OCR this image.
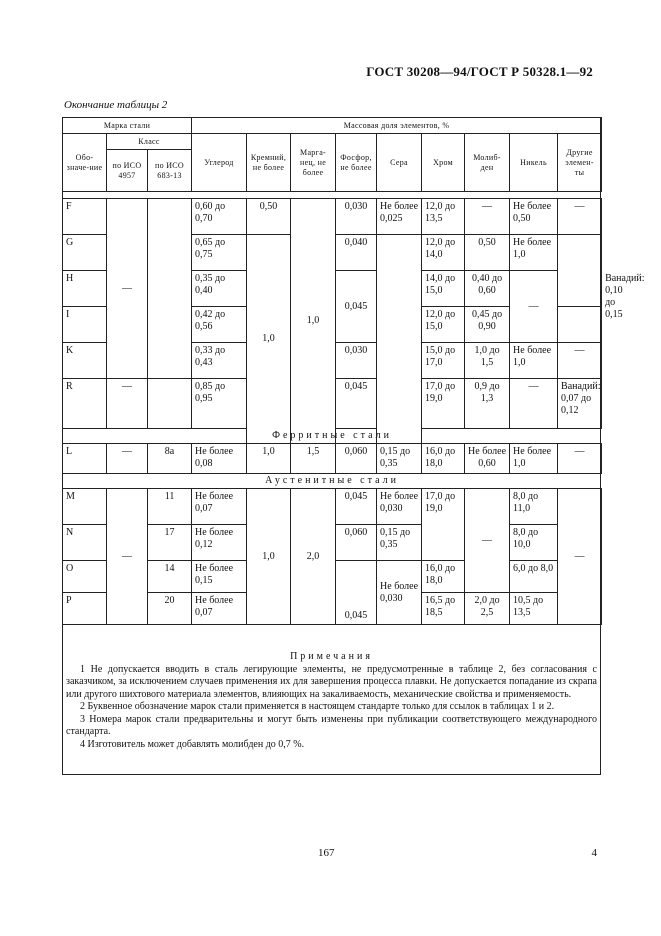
ГОСТ 30208—94/ГОСТ Р 50328.1—92
Окончание таблицы 2
Марка стали			Массовая доля элементов, %									
Обо-значе-ние	Класс		Углерод	Кремний, не более	Марга-нец, не более	Фосфор, не более	Сера	Хром	Молиб-ден	Никель	Другие элемен-ты	
	по ИСО 4957	по ИСО 683-13										

F	—		0,60 до 0,70	0,50	1,0	0,030	Не более 0,025	12,0 до 13,5	—	Не более 0,50	—	
G			0,65 до 0,75	1,0		0,040		12,0 до 14,0	0,50	Не более 1,0		
H			0,35 до 0,40			0,045		14,0 до 15,0	0,40 до 0,60	—		Ванадий: 0,10 до 0,15
I			0,42 до 0,56					12,0 до 15,0	0,45 до 0,90			
K			0,33 до 0,43			0,030		15,0 до 17,0	1,0 до 1,5	Не более 1,0	—	
R	—		0,85 до 0,95			0,045		17,0 до 19,0	0,9 до 1,3	—	Ванадий: 0,07 до 0,12	
Ферритные стали												
L	—	8a	Не более 0,08	1,0	1,5	0,060	0,15 до 0,35	16,0 до 18,0	Не более 0,60	Не более 1,0	—	
Аустенитные стали												
M	—	11	Не более 0,07	1,0	2,0	0,045	Не более 0,030	17,0 до 19,0	—	8,0 до 11,0	—	
N		17	Не более 0,12			0,060	0,15 до 0,35			8,0 до 10,0		
O		14	Не более 0,15			0,045	Не более 0,030	16,0 до 18,0		6,0 до 8,0		
P		20	Не более 0,07					16,5 до 18,5	2,0 до 2,5	10,5 до 13,5		
Примечания

1 Не допускается вводить в сталь легирующие элементы, не предусмотренные в таблице 2, без согласования с заказчиком, за исключением случаев применения их для завершения процесса плавки. Не допускается попадание из скрапа или другого шихтового материала элементов, влияющих на закаливаемость, механические свойства и применяемость.

2 Буквенное обозначение марок стали применяется в настоящем стандарте только для ссылок в таблицах 1 и 2.

3 Номера марок стали предварительны и могут быть изменены при публикации соответствующего международного стандарта.

4 Изготовитель может добавлять молибден до 0,7 %.

167	4
